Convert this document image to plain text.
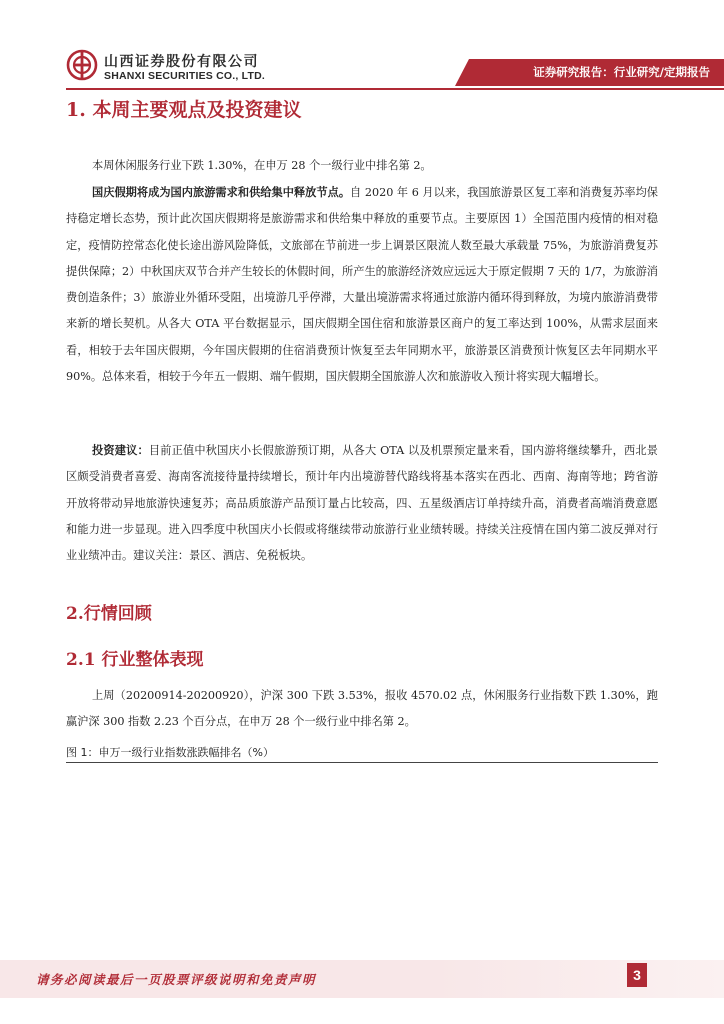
山西证券股份有限公司
SHANXI SECURITIES CO., LTD.	证券研究报告：行业研究/定期报告
1. 本周主要观点及投资建议
本周休闲服务行业下跌 1.30%，在申万 28 个一级行业中排名第 2。
国庆假期将成为国内旅游需求和供给集中释放节点。自 2020 年 6 月以来，我国旅游景区复工率和消费复苏率均保持稳定增长态势，预计此次国庆假期将是旅游需求和供给集中释放的重要节点。主要原因 1）全国范围内疫情的相对稳定，疫情防控常态化使长途出游风险降低，文旅部在节前进一步上调景区限流人数至最大承载量 75%，为旅游消费复苏提供保障；2）中秋国庆双节合并产生较长的休假时间，所产生的旅游经济效应远远大于原定假期 7 天的 1/7，为旅游消费创造条件；3）旅游业外循环受阻，出境游几乎停滞，大量出境游需求将通过旅游内循环得到释放，为境内旅游消费带来新的增长契机。从各大 OTA 平台数据显示，国庆假期全国住宿和旅游景区商户的复工率达到 100%，从需求层面来看，相较于去年国庆假期，今年国庆假期的住宿消费预计恢复至去年同期水平，旅游景区消费预计恢复区去年同期水平 90%。总体来看，相较于今年五一假期、端午假期，国庆假期全国旅游人次和旅游收入预计将实现大幅增长。
投资建议：目前正值中秋国庆小长假旅游预订期，从各大 OTA 以及机票预定量来看，国内游将继续攀升，西北景区颇受消费者喜爱、海南客流接待量持续增长，预计年内出境游替代路线将基本落实在西北、西南、海南等地；跨省游开放将带动异地旅游快速复苏；高品质旅游产品预订量占比较高，四、五星级酒店订单持续升高，消费者高端消费意愿和能力进一步显现。进入四季度中秋国庆小长假或将继续带动旅游行业业绩转暖。持续关注疫情在国内第二波反弹对行业业绩冲击。建议关注：景区、酒店、免税板块。
2.行情回顾
2.1 行业整体表现
上周（20200914-20200920），沪深 300 下跌 3.53%，报收 4570.02 点，休闲服务行业指数下跌 1.30%，跑赢沪深 300 指数 2.23 个百分点，在申万 28 个一级行业中排名第 2。
图 1：申万一级行业指数涨跌幅排名（%）
请务必阅读最后一页股票评级说明和免责声明	3
